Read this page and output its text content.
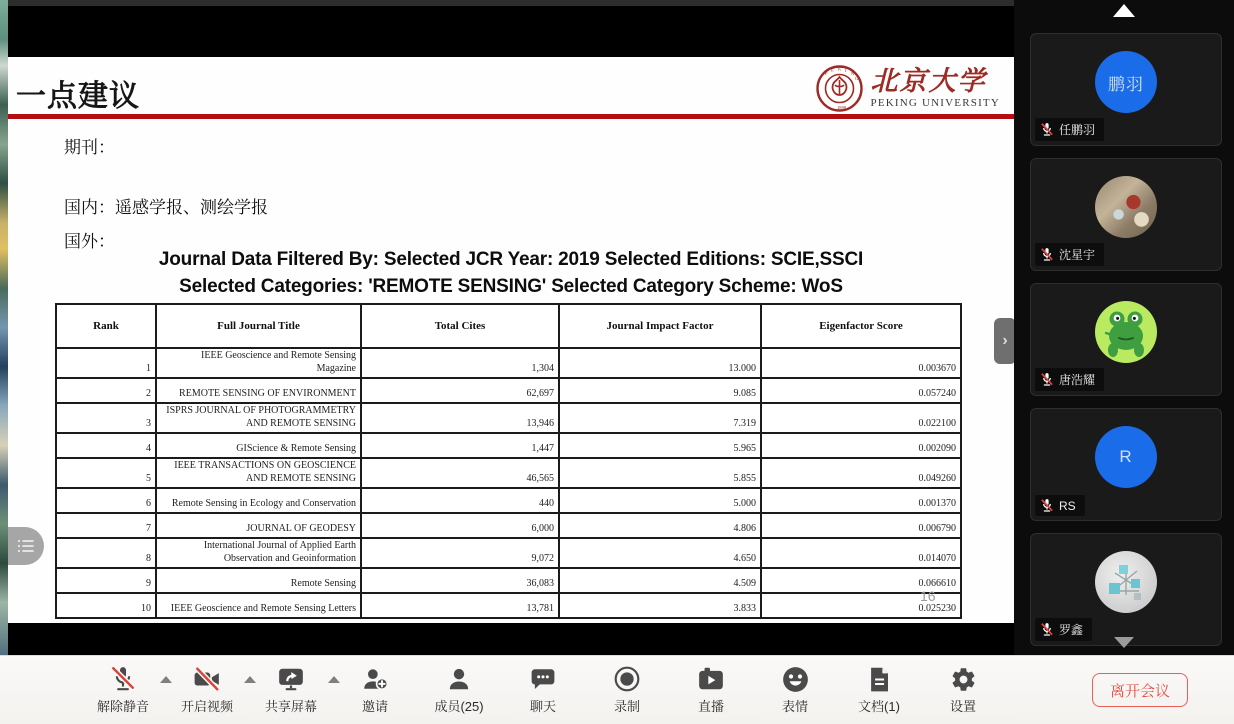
一点建议
P
E K I
N
G
1898
北京大学
PEKING UNIVERSITY
期刊：
国内：遥感学报、测绘学报
国外：
Journal Data Filtered By: Selected JCR Year: 2019 Selected Editions: SCIE,SSCI
Selected Categories: 'REMOTE SENSING' Selected Category Scheme: WoS
Rank	Full Journal Title	Total Cites	Journal Impact Factor	Eigenfactor Score
1	IEEE Geoscience and Remote Sensing Magazine	1,304	13.000	0.003670
2	REMOTE SENSING OF ENVIRONMENT	62,697	9.085	0.057240
3	ISPRS JOURNAL OF PHOTOGRAMMETRY AND REMOTE SENSING	13,946	7.319	0.022100
4	GIScience & Remote Sensing	1,447	5.965	0.002090
5	IEEE TRANSACTIONS ON GEOSCIENCE AND REMOTE SENSING	46,565	5.855	0.049260
6	Remote Sensing in Ecology and Conservation	440	5.000	0.001370
7	JOURNAL OF GEODESY	6,000	4.806	0.006790
8	International Journal of Applied Earth Observation and Geoinformation	9,072	4.650	0.014070
9	Remote Sensing	36,083	4.509	0.066610
10	IEEE Geoscience and Remote Sensing Letters	13,781	3.833	0.025230
16
›
鹏羽
任鹏羽
沈星宇
唐浩耀
R
RS
罗鑫
解除静音 开启视频 共享屏幕	邀请	成员(25)	聊天	录制	直播	表情	文档(1)	设置
离开会议
